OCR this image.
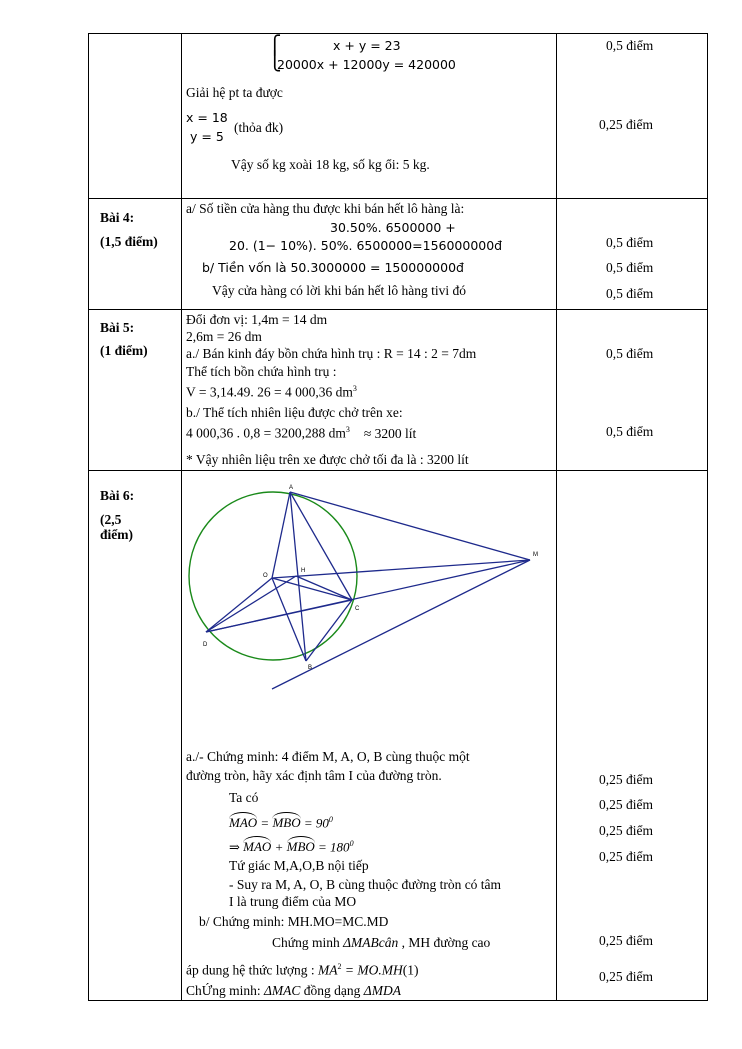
⎧
⎩
x + y = 23
20000x + 12000y = 420000
Giải hệ pt ta được
x = 18
y = 5
(thỏa đk)
Vậy số kg xoài 18 kg, số kg ổi: 5 kg.
0,5 điểm
0,25 điểm
Bài 4:
(1,5 điểm)
a/ Số tiền cửa hàng thu được khi bán hết lô hàng là:
30.50%. 6500000 +
20. (1− 10%). 50%. 6500000=156000000đ
b/ Tiền vốn là 50.3000000 = 150000000đ
Vậy cửa hàng có lời khi bán hết lô hàng tivi đó
0,5 điểm
0,5 điểm
0,5 điểm
Bài 5:
(1 điểm)
Đổi đơn vị: 1,4m = 14 dm
2,6m = 26 dm
a./ Bán kinh đáy bồn chứa hình trụ : R = 14 : 2 = 7dm
Thể tích bồn chứa hình trụ :
V = 3,14.49. 26 = 4 000,36 $dm^3$
b./ Thể tích nhiên liệu được chở trên xe:
4 000,36 . 0,8 = 3200,288 $dm^3 \approx 3200$ lít
* Vậy nhiên liệu trên xe được chở tối đa là : 3200 lít
0,5 điểm
0,5 điểm
Bài 6:
(2,5
điểm)
A
M
O
H
C
D
B
a./- Chứng minh: 4 điểm M, A, O, B cùng thuộc một
đường tròn, hãy xác định tâm I của đường tròn.
Ta có
MAO = MBO = $90^0$
⇒ MAO + MBO = $180^0$
Tứ giác M,A,O,B nội tiếp
- Suy ra M, A, O, B cùng thuộc đường tròn có tâm
I là trung điểm của MO
b/ Chứng minh: MH.MO=MC.MD
Chứng minh ΔMABcân , MH đường cao
áp dung hệ thức lượng : $MA^2 = MO.MH(1)$
ChỨng minh: ΔMAC đồng dạng ΔMDA
0,25 điểm
0,25 điểm
0,25 điểm
0,25 điểm
0,25 điểm
0,25 điểm
